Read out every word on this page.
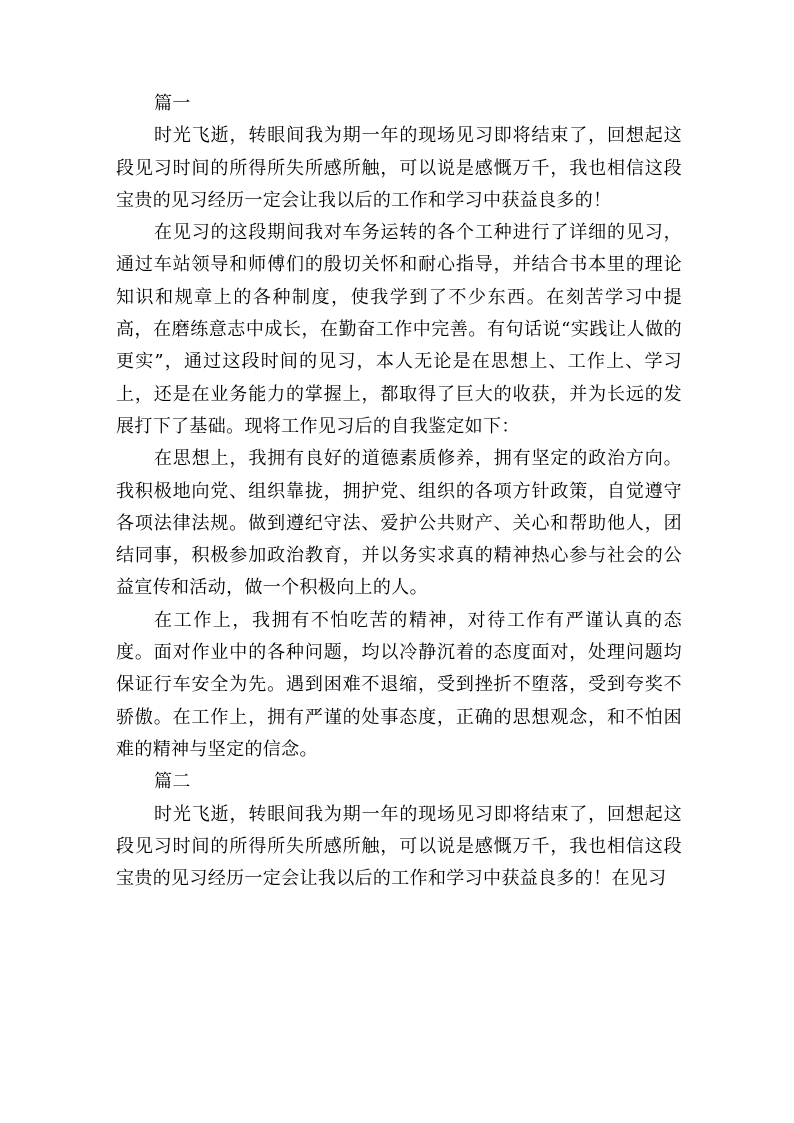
篇一

时光飞逝，转眼间我为期一年的现场见习即将结束了，回想起这段见习时间的所得所失所感所触，可以说是感慨万千，我也相信这段宝贵的见习经历一定会让我以后的工作和学习中获益良多的！

在见习的这段期间我对车务运转的各个工种进行了详细的见习，通过车站领导和师傅们的殷切关怀和耐心指导，并结合书本里的理论知识和规章上的各种制度，使我学到了不少东西。在刻苦学习中提高，在磨练意志中成长，在勤奋工作中完善。有句话说“实践让人做的更实”，通过这段时间的见习，本人无论是在思想上、工作上、学习上，还是在业务能力的掌握上，都取得了巨大的收获，并为长远的发展打下了基础。现将工作见习后的自我鉴定如下：

在思想上，我拥有良好的道德素质修养，拥有坚定的政治方向。我积极地向党、组织靠拢，拥护党、组织的各项方针政策，自觉遵守各项法律法规。做到遵纪守法、爱护公共财产、关心和帮助他人，团结同事，积极参加政治教育，并以务实求真的精神热心参与社会的公益宣传和活动，做一个积极向上的人。

在工作上，我拥有不怕吃苦的精神，对待工作有严谨认真的态度。面对作业中的各种问题，均以冷静沉着的态度面对，处理问题均保证行车安全为先。遇到困难不退缩，受到挫折不堕落，受到夸奖不骄傲。在工作上，拥有严谨的处事态度，正确的思想观念，和不怕困难的精神与坚定的信念。

篇二

时光飞逝，转眼间我为期一年的现场见习即将结束了，回想起这段见习时间的所得所失所感所触，可以说是感慨万千，我也相信这段宝贵的见习经历一定会让我以后的工作和学习中获益良多的！在见习
